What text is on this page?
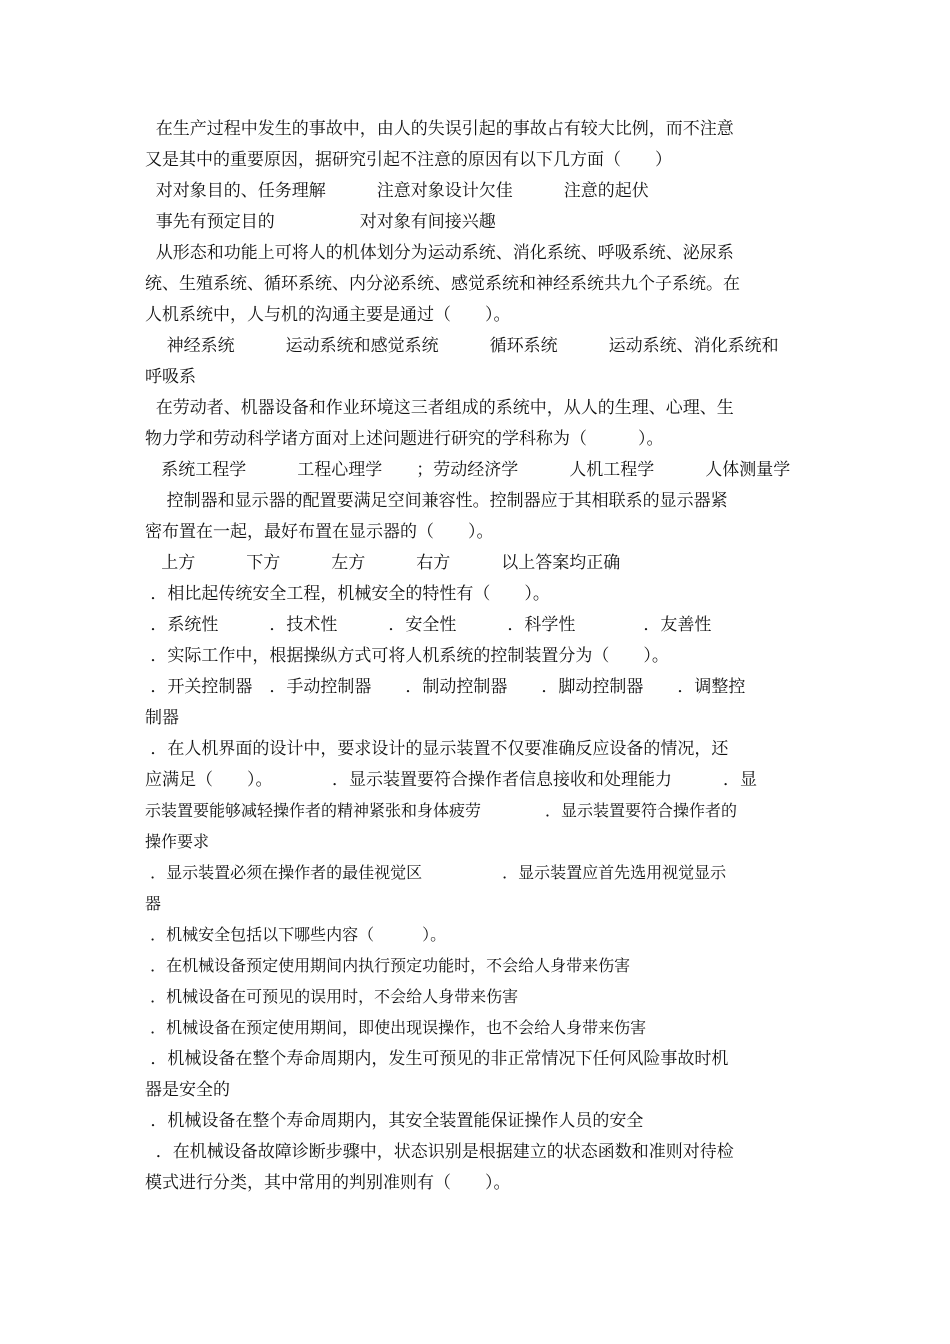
在生产过程中发生的事故中，由人的失误引起的事故占有较大比例，而不注意
又是其中的重要原因，据研究引起不注意的原因有以下几方面（　　）
对对象目的、任务理解　　　注意对象设计欠佳　　　注意的起伏
事先有预定目的　　　　　对对象有间接兴趣
从形态和功能上可将人的机体划分为运动系统、消化系统、呼吸系统、泌尿系
统、生殖系统、循环系统、内分泌系统、感觉系统和神经系统共九个子系统。在
人机系统中，人与机的沟通主要是通过（　　）。
神经系统　　　运动系统和感觉系统　　　循环系统　　　运动系统、消化系统和
呼吸系
在劳动者、机器设备和作业环境这三者组成的系统中，从人的生理、心理、生
物力学和劳动科学诸方面对上述问题进行研究的学科称为（　　　）。
系统工程学　　　工程心理学　　；劳动经济学　　　人机工程学　　　人体测量学
控制器和显示器的配置要满足空间兼容性。控制器应于其相联系的显示器紧
密布置在一起，最好布置在显示器的（　　）。
上方　　　下方　　　左方　　　右方　　　以上答案均正确
．相比起传统安全工程，机械安全的特性有（　　）。
．系统性　　　．技术性　　　．安全性　　　．科学性　　　　．友善性
．实际工作中，根据操纵方式可将人机系统的控制装置分为（　　）。
．开关控制器　．手动控制器　　．制动控制器　　．脚动控制器　　．调整控
制器
．在人机界面的设计中，要求设计的显示装置不仅要准确反应设备的情况，还
应满足（　　）。　　　　．显示装置要符合操作者信息接收和处理能力　　　．显
示装置要能够减轻操作者的精神紧张和身体疲劳　　　　．显示装置要符合操作者的
操作要求
．显示装置必须在操作者的最佳视觉区　　　　　．显示装置应首先选用视觉显示
器
．机械安全包括以下哪些内容（　　　）。
．在机械设备预定使用期间内执行预定功能时，不会给人身带来伤害
．机械设备在可预见的误用时，不会给人身带来伤害
．机械设备在预定使用期间，即使出现误操作，也不会给人身带来伤害
．机械设备在整个寿命周期内，发生可预见的非正常情况下任何风险事故时机
器是安全的
．机械设备在整个寿命周期内，其安全装置能保证操作人员的安全
．在机械设备故障诊断步骤中，状态识别是根据建立的状态函数和准则对待检
模式进行分类，其中常用的判别准则有（　　）。
